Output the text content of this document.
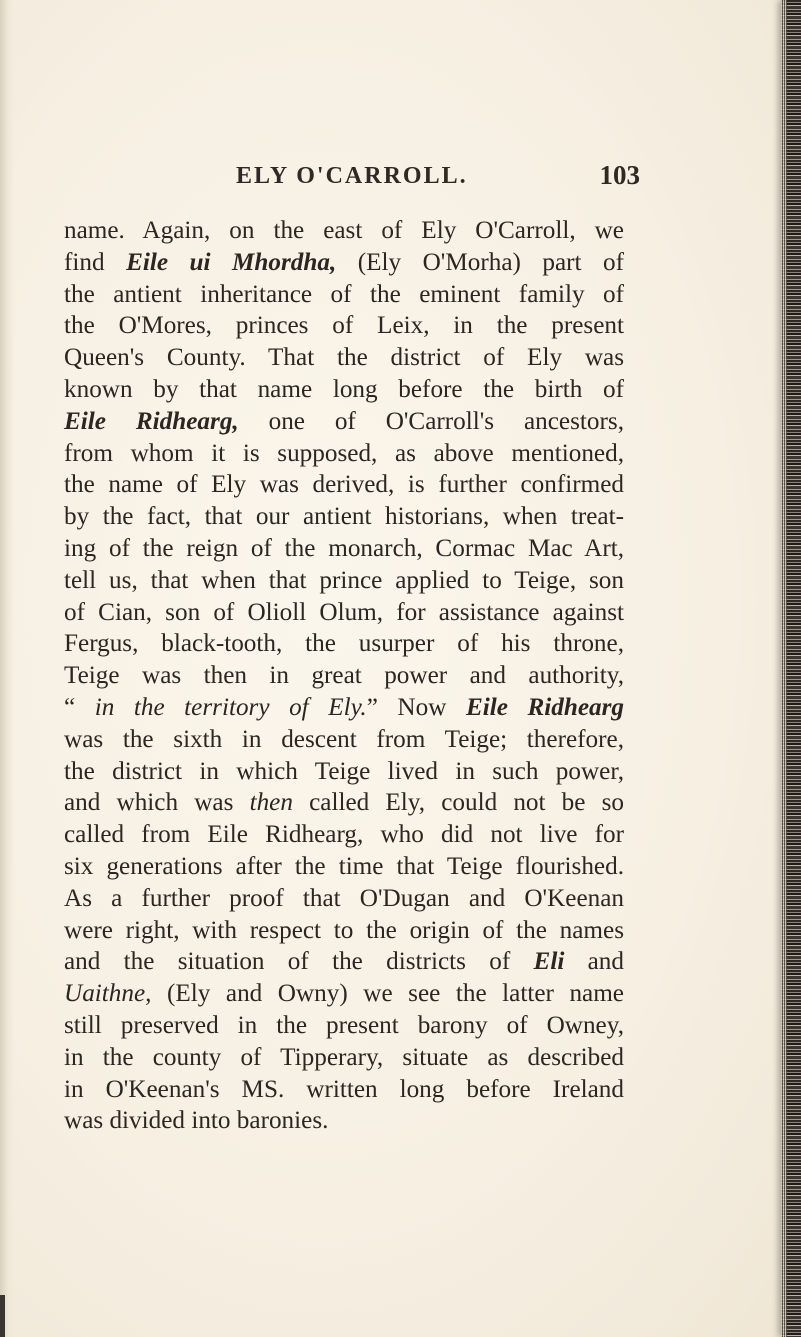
ELY O'CARROLL.	103
name. Again, on the east of Ely O'Carroll, we
find Eile ui Mhordha, (Ely O'Morha) part of
the antient inheritance of the eminent family of
the O'Mores, princes of Leix, in the present
Queen's County. That the district of Ely was
known by that name long before the birth of
Eile Ridhearg, one of O'Carroll's ancestors,
from whom it is supposed, as above mentioned,
the name of Ely was derived, is further confirmed
by the fact, that our antient historians, when treat-
ing of the reign of the monarch, Cormac Mac Art,
tell us, that when that prince applied to Teige, son
of Cian, son of Olioll Olum, for assistance against
Fergus, black-tooth, the usurper of his throne,
Teige was then in great power and authority,
“ in the territory of Ely.” Now Eile Ridhearg
was the sixth in descent from Teige; therefore,
the district in which Teige lived in such power,
and which was then called Ely, could not be so
called from Eile Ridhearg, who did not live for
six generations after the time that Teige flourished.
As a further proof that O'Dugan and O'Keenan
were right, with respect to the origin of the names
and the situation of the districts of Eli and
Uaithne, (Ely and Owny) we see the latter name
still preserved in the present barony of Owney,
in the county of Tipperary, situate as described
in O'Keenan's MS. written long before Ireland
was divided into baronies.
